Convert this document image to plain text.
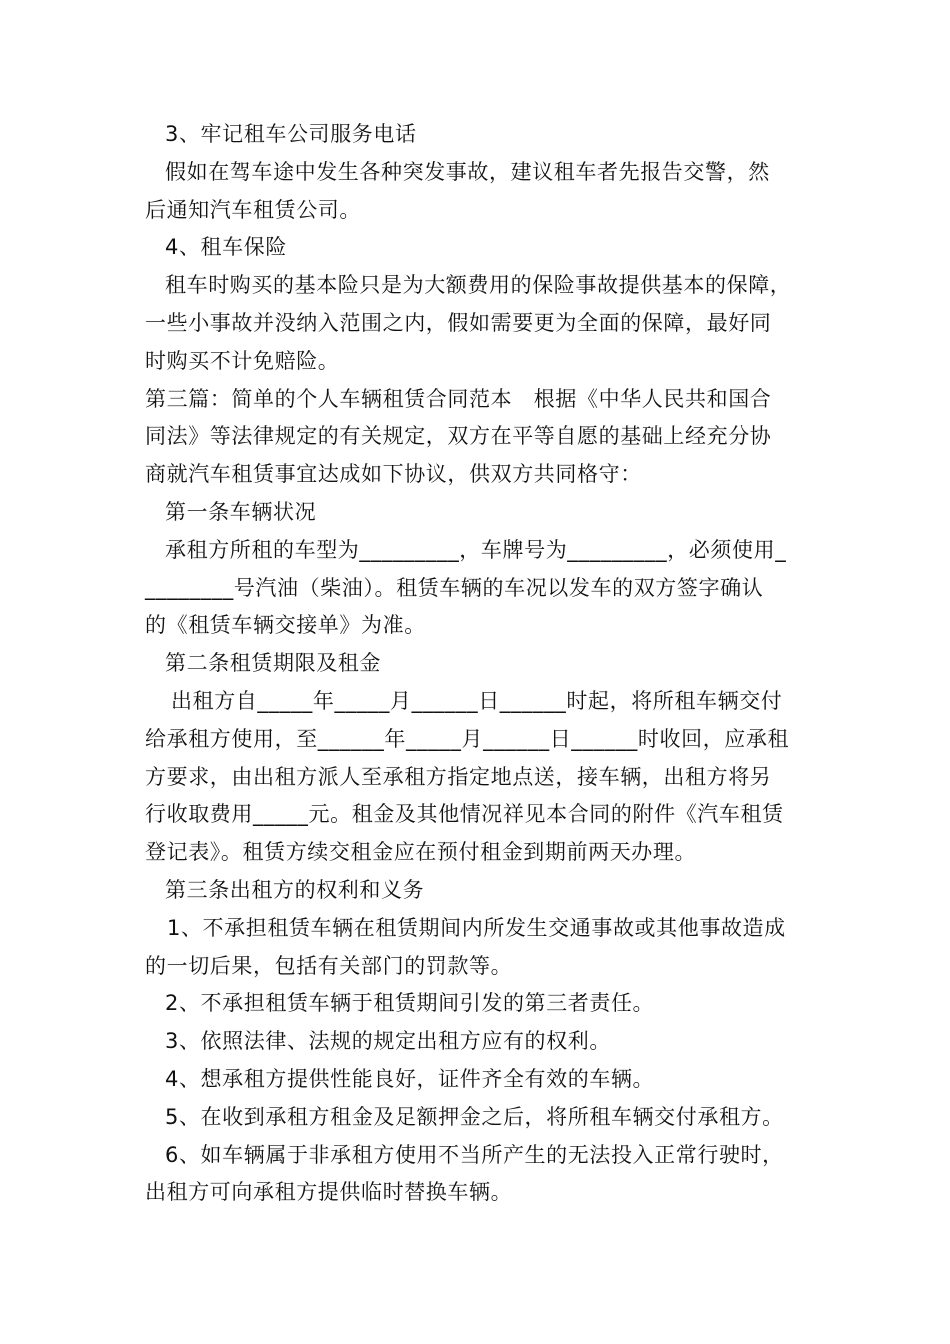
3、牢记租车公司服务电话
假如在驾车途中发生各种突发事故，建议租车者先报告交警，然
后通知汽车租赁公司。
4、租车保险
租车时购买的基本险只是为大额费用的保险事故提供基本的保障，
一些小事故并没纳入范围之内，假如需要更为全面的保障，最好同
时购买不计免赔险。
第三篇：简单的个人车辆租赁合同范本　根据《中华人民共和国合
同法》等法律规定的有关规定，双方在平等自愿的基础上经充分协
商就汽车租赁事宜达成如下协议，供双方共同格守：
第一条车辆状况
承租方所租的车型为_________，车牌号为_________，必须使用_
________号汽油（柴油）。租赁车辆的车况以发车的双方签字确认
的《租赁车辆交接单》为准。
第二条租赁期限及租金
出租方自_____年_____月______日______时起，将所租车辆交付
给承租方使用，至______年_____月______日______时收回，应承租
方要求，由出租方派人至承租方指定地点送，接车辆，出租方将另
行收取费用_____元。租金及其他情况祥见本合同的附件《汽车租赁
登记表》。租赁方续交租金应在预付租金到期前两天办理。
第三条出租方的权利和义务
1、不承担租赁车辆在租赁期间内所发生交通事故或其他事故造成
的一切后果，包括有关部门的罚款等。
2、不承担租赁车辆于租赁期间引发的第三者责任。
3、依照法律、法规的规定出租方应有的权利。
4、想承租方提供性能良好，证件齐全有效的车辆。
5、在收到承租方租金及足额押金之后，将所租车辆交付承租方。
6、如车辆属于非承租方使用不当所产生的无法投入正常行驶时，
出租方可向承租方提供临时替换车辆。
